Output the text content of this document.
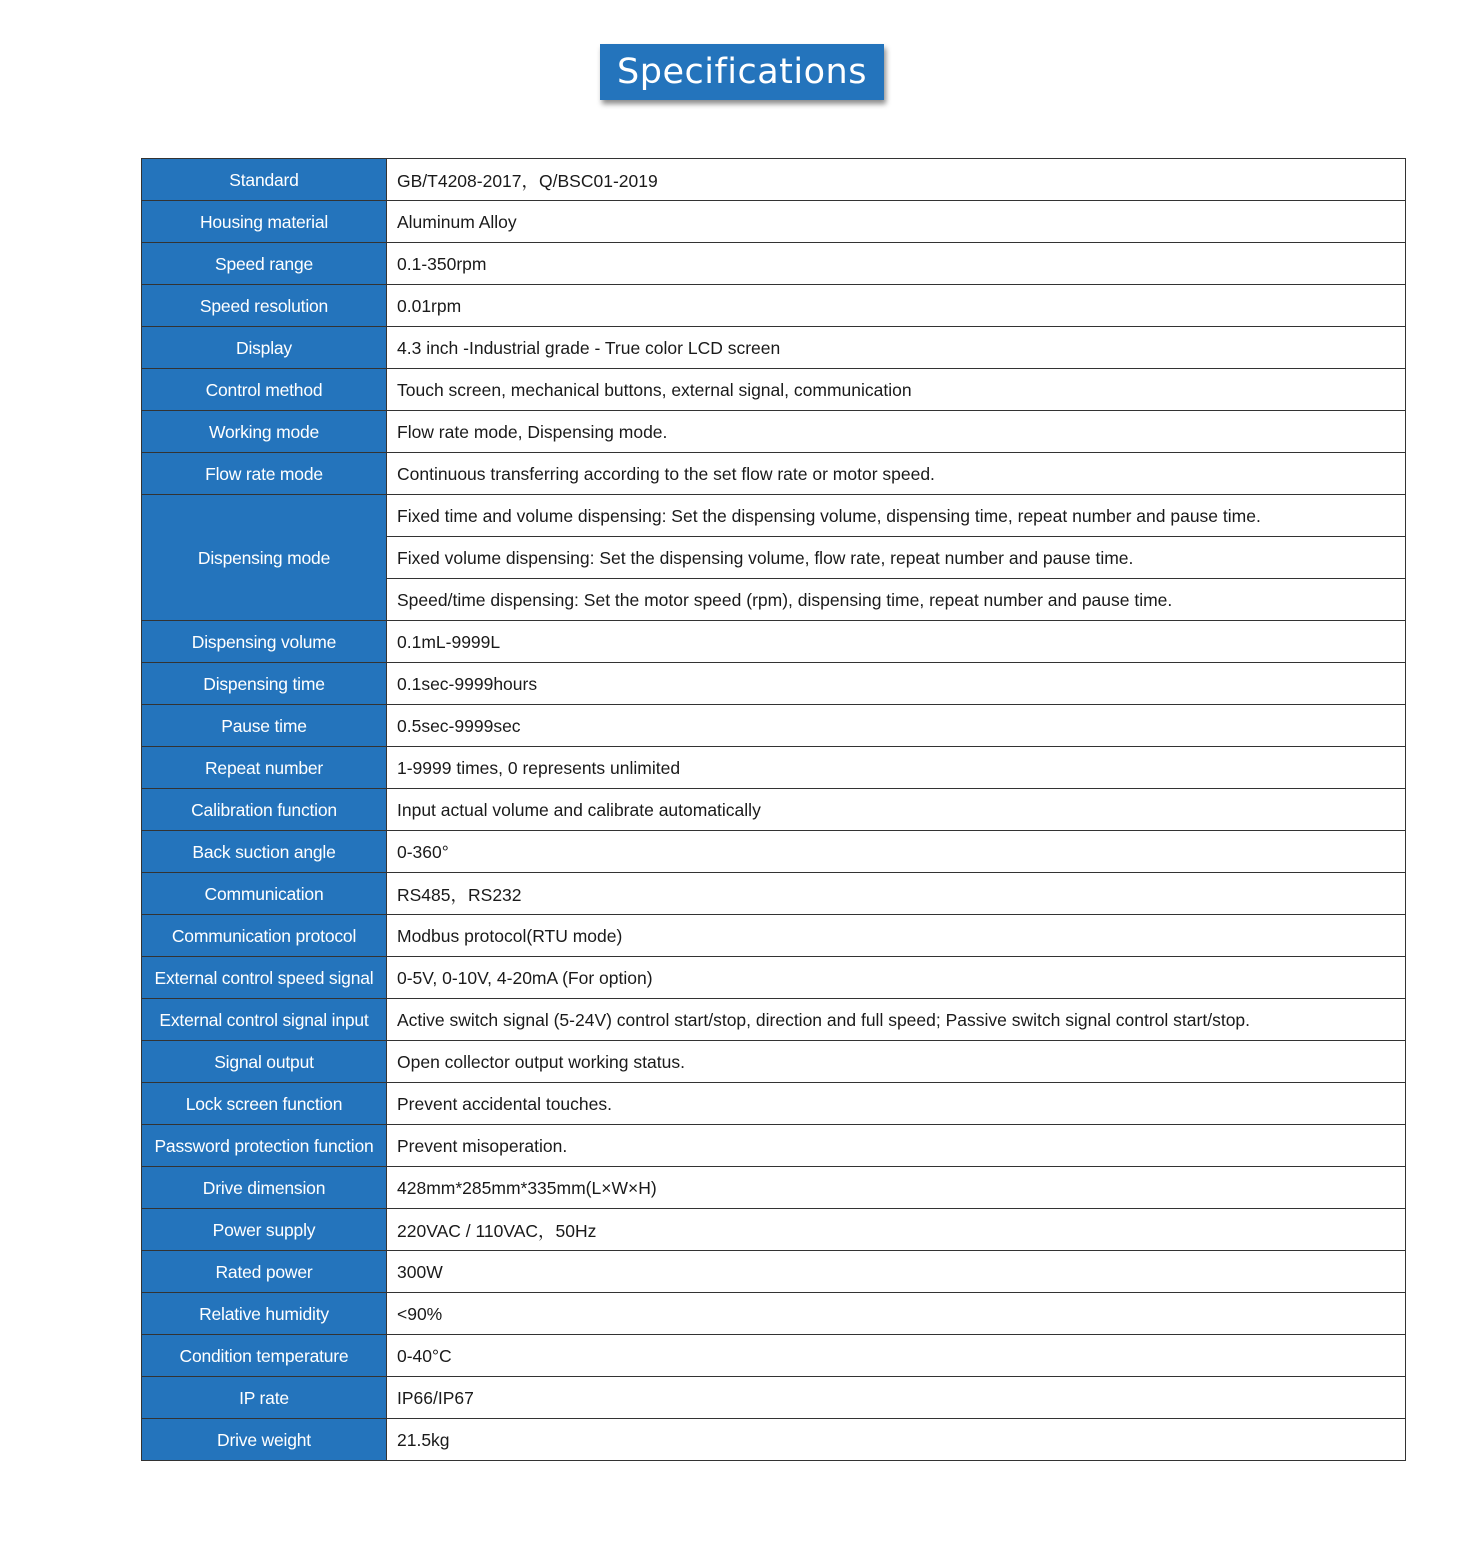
Specifications
Standard	GB/T4208-2017，Q/BSC01-2019
Housing material	Aluminum Alloy
Speed range	0.1-350rpm
Speed resolution	0.01rpm
Display	4.3 inch -Industrial grade - True color LCD screen
Control method	Touch screen, mechanical buttons, external signal, communication
Working mode	Flow rate mode, Dispensing mode.
Flow rate mode	Continuous transferring according to the set flow rate or motor speed.
Dispensing mode	Fixed time and volume dispensing: Set the dispensing volume, dispensing time, repeat number and pause time.
	Fixed volume dispensing: Set the dispensing volume, flow rate, repeat number and pause time.
	Speed/time dispensing: Set the motor speed (rpm), dispensing time, repeat number and pause time.
Dispensing volume	0.1mL-9999L
Dispensing time	0.1sec-9999hours
Pause time	0.5sec-9999sec
Repeat number	1-9999 times, 0 represents unlimited
Calibration function	Input actual volume and calibrate automatically
Back suction angle	0-360°
Communication	RS485，RS232
Communication protocol	Modbus protocol(RTU mode)
External control speed signal	0-5V, 0-10V, 4-20mA (For option)
External control signal input	Active switch signal (5-24V) control start/stop, direction and full speed; Passive switch signal control start/stop.
Signal output	Open collector output working status.
Lock screen function	Prevent accidental touches.
Password protection function	Prevent misoperation.
Drive dimension	428mm*285mm*335mm(L×W×H)
Power supply	220VAC / 110VAC，50Hz
Rated power	300W
Relative humidity	<90%
Condition temperature	0-40°C
IP rate	IP66/IP67
Drive weight	21.5kg
